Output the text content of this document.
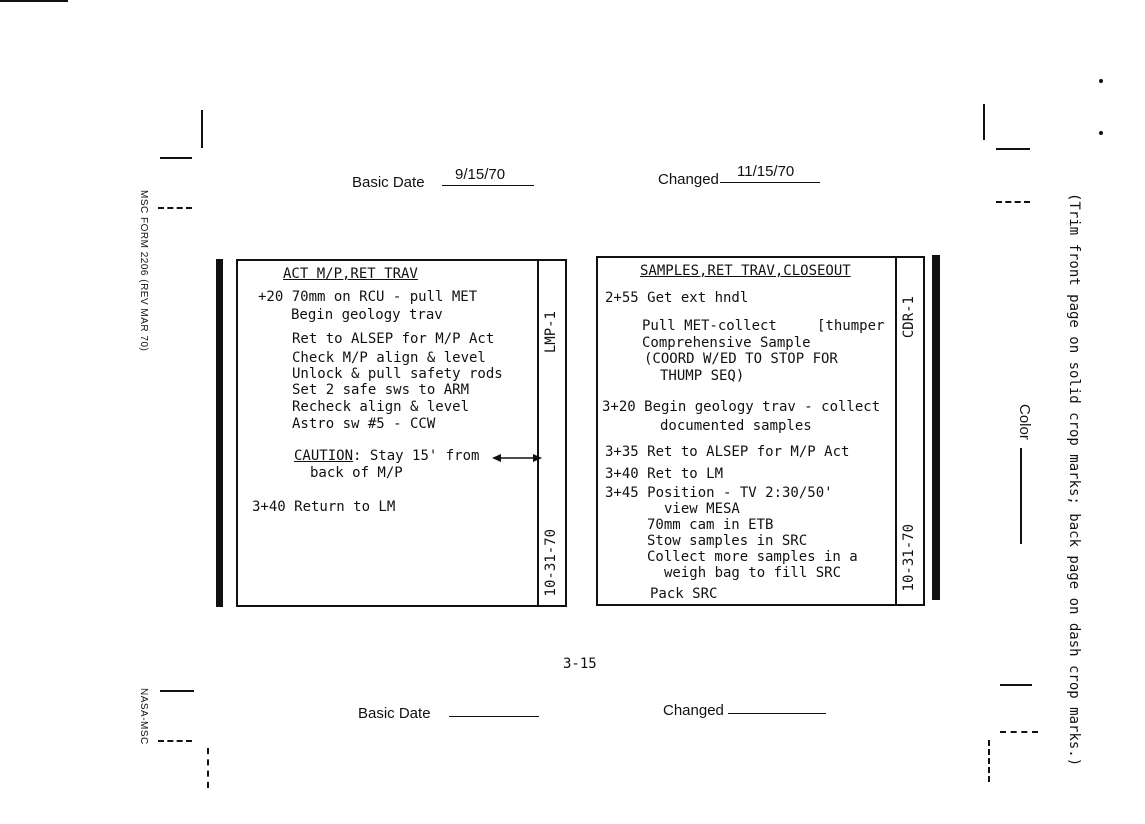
MSC FORM 2206 (REV MAR 70)
NASA-MSC	(Trim front page on solid crop marks; back page on dash crop marks.)
Color
Basic Date 9/15/70	Changed 11/15/70
ACT M/P,RET TRAV
LMP-1
10-31-70
+20 70mm on RCU - pull MET
Begin geology trav
Ret to ALSEP for M/P Act
Check M/P align & level
Unlock & pull safety rods
Set 2 safe sws to ARM
Recheck align & level
Astro sw #5 - CCW
CAUTION: Stay 15' from
back of M/P
3+40 Return to LM
SAMPLES,RET TRAV,CLOSEOUT
CDR-1
10-31-70
2+55 Get ext hndl
Pull MET-collect	[thumper
Comprehensive Sample
(COORD W/ED TO STOP FOR
THUMP SEQ)
3+20 Begin geology trav - collect
documented samples
3+35 Ret to ALSEP for M/P Act
3+40 Ret to LM
3+45 Position - TV 2:30/50'
view MESA
70mm cam in ETB
Stow samples in SRC
Collect more samples in a
weigh bag to fill SRC
Pack SRC
3-15
Basic Date	Changed
